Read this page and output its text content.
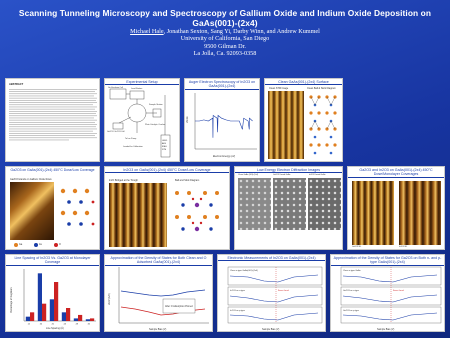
Scanning Tunneling Microscopy and Spectroscopy of Gallium Oxide and Indium Oxide Deposition on GaAs(001)-(2x4)
Michael Hale, Jonathan Sexton, Sang Yi, Darby Winn, and Andrew Kummel
University of California, San Diego
9500 Gilman Dr.
La Jolla, Ca. 92093-0358
ABSTRACT
Experimental Setup
Ga Knudsen Cell	Load Station
Sample Station
Ga2O3 / In2O3 Cell
To Ion Pump
Plate Catalytic Cracker
Loaded for Calibration
LEED
AES
IRAS
STM
Auger Electron Spectroscopy of In2O3 on GaAs(001)-(2x4)
Electron Energy (eV)
dN/dE
Clean GaAs(001)-(2x4) Surface
Clean STM Image	Clean Ball & Stick Diagram
Ga2O3 on GaAs(001)-(2x4) 450°C Dose/Low Coverage
Ga2O3 Islands on Gallium Oxide Rows
Ga	As	O
In2O3 on GaAs(001)-(2x4) 450°C Dose/Low Coverage
In2O Bridged at the Trough	Ball and Stick Diagram
Low Energy Electron Diffraction Images
Clean GaAs (001)-(2x4)	Ga2O3 Dosed GaAs	In2O3 Dosed GaAs
Ga2O3 and In2O3 on GaAs(001)-(2x4) 450°C Dose/Monolayer Coverages
Ga2O3 ML	In2O3 ML
Line Spacing of In2O3 Vs. Ga2O3 at Monolayer Coverage
12	16	20	24	28	32
Line Spacing (Å)
Percentage of Registers
Approximation of the Density of States for Both Clean and O Adsorbed GaAs(001)-(2x4)
After O Adsorption Pinned
Sample Bias (V)
dI/dV (A/V)
Electronic Measurements of In2O3 on GaAs(001)-(2x4)
Clean n-type GaAs(001)-(2x4)
Fermi Level
In2O3 on n-type
In2O3 on p-type
Sample Bias (V)
Approximation of the Density of States for Ga2O3 on Both n- and p-type GaAs(001)-(2x4)
Clean n-type GaAs
Fermi Level
Ga2O3 on n-type
Ga2O3 on p-type
Sample Bias (V)
